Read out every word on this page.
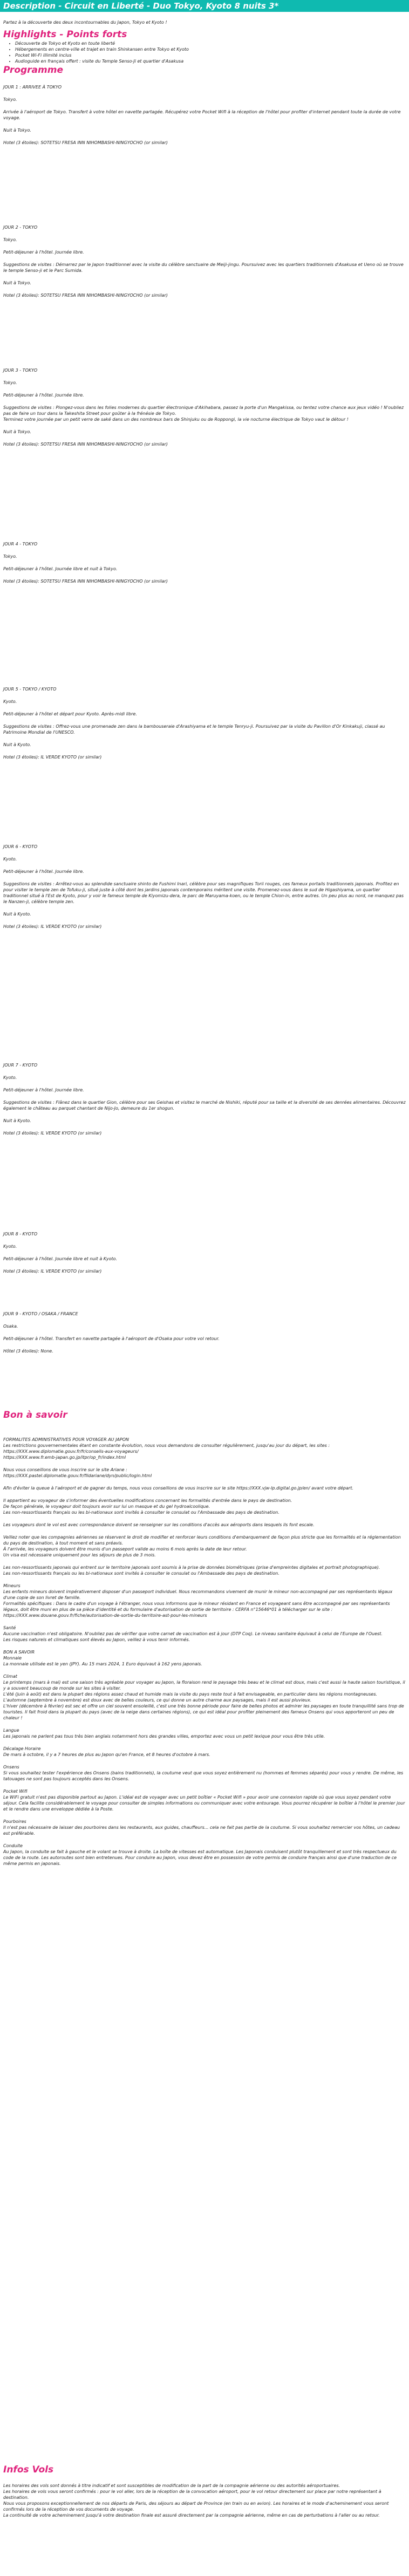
Description - Circuit en Liberté - Duo Tokyo, Kyoto 8 nuits 3*

Partez à la découverte des deux incontournables du Japon, Tokyo et Kyoto !

Highlights - Points forts
• Découverte de Tokyo et Kyoto en toute liberté
• Hébergements en centre-ville et trajet en train Shinkansen entre Tokyo et Kyoto
• Pocket Wi-Fi illimité inclus
• Audioguide en français offert : visite du Temple Senso-Ji et quartier d'Asakusa
Programme

JOUR 1 : ARRIVEE À TOKYO

Tokyo.

Arrivée à l'aéroport de Tokyo. Transfert à votre hôtel en navette partagée. Récupérez votre Pocket Wifi à la réception de l'hôtel pour profiter d'internet pendant toute la durée de votre voyage.

Nuit à Tokyo.

Hotel (3 étoiles): SOTETSU FRESA INN NIHOMBASHI-NINGYOCHO (or similar)

JOUR 2 - TOKYO

Tokyo.

Petit-déjeuner à l'hôtel. Journée libre.

Suggestions de visites : Démarrez par le Japon traditionnel avec la visite du célèbre sanctuaire de Meiji-jingu. Poursuivez avec les quartiers traditionnels d'Asakusa et Ueno où se trouve le temple Senso-ji et le Parc Sumida.

Nuit à Tokyo.

Hotel (3 étoiles): SOTETSU FRESA INN NIHOMBASHI-NINGYOCHO (or similar)

JOUR 3 - TOKYO

Tokyo.

Petit-déjeuner à l'hôtel. Journée libre.

Suggestions de visites : Plongez-vous dans les folies modernes du quartier électronique d'Akihabara, passez la porte d'un Mangakissa, ou tentez votre chance aux jeux vidéo ! N'oubliez pas de faire un tour dans la Takeshita Street pour goûter à la frénésie de Tokyo.
Terminez votre journée par un petit verre de saké dans un des nombreux bars de Shinjuku ou de Roppongi, la vie nocturne électrique de Tokyo vaut le détour !

Nuit à Tokyo.

Hotel (3 étoiles): SOTETSU FRESA INN NIHOMBASHI-NINGYOCHO (or similar)

JOUR 4 - TOKYO

Tokyo.

Petit-déjeuner à l'hôtel. Journée libre et nuit à Tokyo.

Hotel (3 étoiles): SOTETSU FRESA INN NIHOMBASHI-NINGYOCHO (or similar)

JOUR 5 - TOKYO / KYOTO

Kyoto.

Petit-déjeuner à l'hôtel et départ pour Kyoto. Après-midi libre.

Suggestions de visites : Offrez-vous une promenade zen dans la bambouseraie d'Arashiyama et le temple Tenryu-ji. Poursuivez par la visite du Pavillon d'Or Kinkakuji, classé au Patrimoine Mondial de l'UNESCO.

Nuit à Kyoto.

Hotel (3 étoiles): IL VERDE KYOTO (or similar)

JOUR 6 - KYOTO

Kyoto.

Petit-déjeuner à l'hôtel. Journée libre.

Suggestions de visites : Arrêtez-vous au splendide sanctuaire shinto de Fushimi Inari, célèbre pour ses magnifiques Torii rouges, ces fameux portails traditionnels japonais. Profitez en pour visiter le temple zen de Tofuku-ji, situé juste à côté dont les jardins japonais contemporains méritent une visite. Promenez-vous dans le sud de Higashiyama, un quartier traditionnel situé à l'Est de Kyoto, pour y voir le fameux temple de Kiyomizu-dera, le parc de Maruyama-koen, ou le temple Chion-in, entre autres. Un peu plus au nord, ne manquez pas le Nanzen-ji, célèbre temple zen.

Nuit à Kyoto.

Hotel (3 étoiles): IL VERDE KYOTO (or similar)

JOUR 7 - KYOTO

Kyoto.

Petit-déjeuner à l'hôtel. Journée libre.

Suggestions de visites : Flânez dans le quartier Gion, célèbre pour ses Geishas et visitez le marché de Nishiki, réputé pour sa taille et la diversité de ses denrées alimentaires. Découvrez également le château au parquet chantant de Nijo-Jo, demeure du 1er shogun.

Nuit à Kyoto.

Hotel (3 étoiles): IL VERDE KYOTO (or similar)

JOUR 8 - KYOTO

Kyoto.

Petit-déjeuner à l'hôtel. Journée libre et nuit à Kyoto.

Hotel (3 étoiles): IL VERDE KYOTO (or similar)

JOUR 9 - KYOTO / OSAKA / FRANCE

Osaka.

Petit-déjeuner à l'hôtel. Transfert en navette partagée à l'aéroport de d'Osaka pour votre vol retour.

Hôtel (3 étoiles): None.

Bon à savoir

FORMALITES ADMINISTRATIVES POUR VOYAGER AU JAPON
Les restrictions gouvernementales étant en constante évolution, nous vous demandons de consulter régulièrement, jusqu'au jour du départ, les sites :
https://XXX.www.diplomatie.gouv.fr/fr/conseils-aux-voyageurs/
https://XXX.www.fr.emb-japan.go.jp/itpr/op_fr/index.html

Nous vous conseillons de vous inscrire sur le site Ariane :
https://XXX.pastel.diplomatie.gouv.fr/fildariane/dyn/public/login.html

Afin d'éviter la queue à l'aéroport et de gagner du temps, nous vous conseillons de vous inscrire sur le site https://XXX.vjw-lp.digital.go.jp/en/ avant votre départ.

Il appartient au voyageur de s'informer des éventuelles modifications concernant les formalités d'entrée dans le pays de destination.
De façon générale, le voyageur doit toujours avoir sur lui un masque et du gel hydroalcoolique.
Les non-ressortissants français ou les bi-nationaux sont invités à consulter le consulat ou l'Ambassade des pays de destination.

Les voyageurs dont le vol est avec correspondance doivent se renseigner sur les conditions d'accès aux aéroports dans lesquels ils font escale.

Veillez noter que les compagnies aériennes se réservent le droit de modifier et renforcer leurs conditions d'embarquement de façon plus stricte que les formalités et la réglementation du pays de destination, à tout moment et sans préavis.
À l'arrivée, les voyageurs doivent être munis d'un passeport valide au moins 6 mois après la date de leur retour.
Un visa est nécessaire uniquement pour les séjours de plus de 3 mois.

Les non-ressortissants japonais qui entrent sur le territoire japonais sont soumis à la prise de données biométriques (prise d'empreintes digitales et portrait photographique).
Les non-ressortissants français ou les bi-nationaux sont invités à consulter le consulat ou l'Ambassade des pays de destination.

Mineurs
Les enfants mineurs doivent impérativement disposer d'un passeport individuel. Nous recommandons vivement de munir le mineur non-accompagné par ses représentants légaux d'une copie de son livret de famille.
Formalités spécifiques : Dans le cadre d'un voyage à l'étranger, nous vous informons que le mineur résidant en France et voyageant sans être accompagné par ses représentants légaux, doit être muni en plus de sa pièce d'identité et du formulaire d'autorisation de sortie de territoire : CERFA n°15646*01 à télécharger sur le site :
https://XXX.www.douane.gouv.fr/fiche/autorisation-de-sortie-du-territoire-ast-pour-les-mineurs

Santé
Aucune vaccination n'est obligatoire. N'oubliez pas de vérifier que votre carnet de vaccination est à jour (DTP Coq). Le niveau sanitaire équivaut à celui de l'Europe de l'Ouest.
Les risques naturels et climatiques sont élevés au Japon, veillez à vous tenir informés.

BON A SAVOIR
Monnaie
La monnaie utilisée est le yen (JPY). Au 15 mars 2024, 1 Euro équivaut à 162 yens japonais.

Climat
Le printemps (mars à mai) est une saison très agréable pour voyager au Japon, la floraison rend le paysage très beau et le climat est doux, mais c'est aussi la haute saison touristique, il y a souvent beaucoup de monde sur les sites à visiter.
L'été (juin à août) est dans la plupart des régions assez chaud et humide mais la visite du pays reste tout à fait envisageable, en particulier dans les régions montagneuses.
L'automne (septembre à novembre) est doux avec de belles couleurs, ce qui donne un autre charme aux paysages, mais il est aussi pluvieux.
L'hiver (décembre à février) est sec et offre un ciel souvent ensoleillé, c'est une très bonne période pour faire de belles photos et admirer les paysages en toute tranquillité sans trop de touristes. Il fait froid dans la plupart du pays (avec de la neige dans certaines régions), ce qui est idéal pour profiter pleinement des fameux Onsens qui vous apporteront un peu de chaleur !

Langue
Les japonais ne parlent pas tous très bien anglais notamment hors des grandes villes, emportez avec vous un petit lexique pour vous être très utile.

Décalage Horaire
De mars à octobre, il y a 7 heures de plus au Japon qu'en France, et 8 heures d'octobre à mars.

Onsens
Si vous souhaitez tester l'expérience des Onsens (bains traditionnels), la coutume veut que vous soyez entièrement nu (hommes et femmes séparés) pour vous y rendre. De même, les tatouages ne sont pas toujours acceptés dans les Onsens.

Pocket Wifi
Le WiFi gratuit n'est pas disponible partout au Japon. L'idéal est de voyager avec un petit boîtier « Pocket Wifi » pour avoir une connexion rapide où que vous soyez pendant votre séjour. Cela facilite considérablement le voyage pour consulter de simples informations ou communiquer avec votre entourage. Vous pourrez récupérer le boîtier à l'hôtel le premier jour et le rendre dans une enveloppe dédiée à la Poste.

Pourboires
Il n'est pas nécessaire de laisser des pourboires dans les restaurants, aux guides, chauffeurs... cela ne fait pas partie de la coutume. Si vous souhaitez remercier vos hôtes, un cadeau est préférable.

Conduite
Au Japon, la conduite se fait à gauche et le volant se trouve à droite. La boîte de vitesses est automatique. Les Japonais conduisent plutôt tranquillement et sont très respectueux du code de la route. Les autoroutes sont bien entretenues. Pour conduire au Japon, vous devez être en possession de votre permis de conduire français ainsi que d'une traduction de ce même permis en japonais.

Infos Vols

Les horaires des vols sont donnés à titre indicatif et sont susceptibles de modification de la part de la compagnie aérienne ou des autorités aéroportuaires.
Les horaires de vols vous seront confirmés : pour le vol aller, lors de la réception de la convocation aéroport, pour le vol retour directement sur place par notre représentant à destination.
Nous vous proposons exceptionnellement de nos départs de Paris, des séjours au départ de Province (en train ou en avion). Les horaires et le mode d'acheminement vous seront confirmés lors de la réception de vos documents de voyage.
La continuité de votre acheminement jusqu'à votre destination finale est assuré directement par la compagnie aérienne, même en cas de perturbations à l'aller ou au retour.
